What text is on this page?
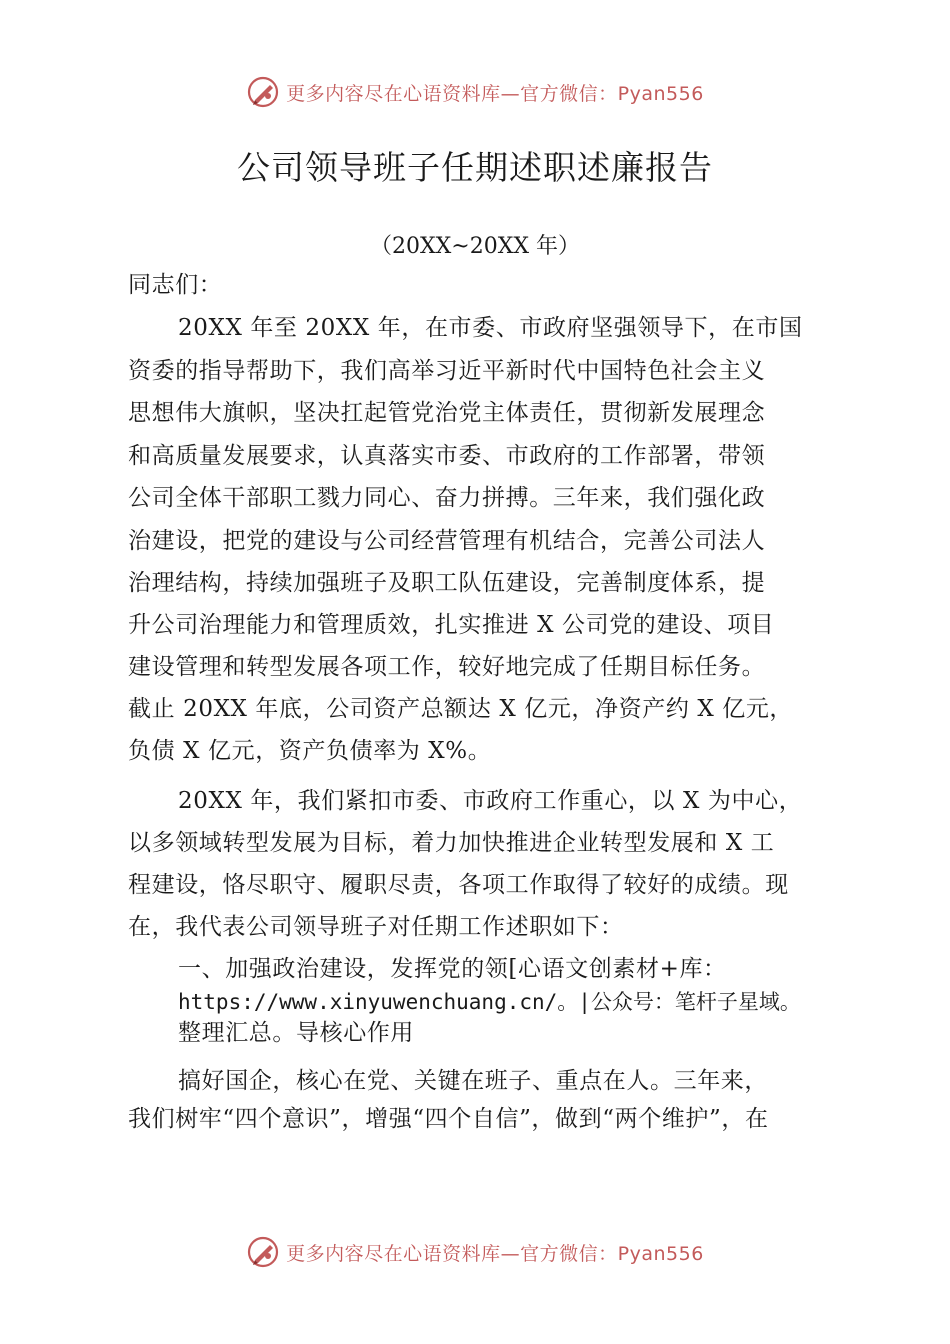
更多内容尽在心语资料库—官方微信：Pyan556
公司领导班子任期述职述廉报告
（20XX~20XX 年）
同志们：
20XX 年至 20XX 年，在市委、市政府坚强领导下，在市国
资委的指导帮助下，我们高举习近平新时代中国特色社会主义
思想伟大旗帜，坚决扛起管党治党主体责任，贯彻新发展理念
和高质量发展要求，认真落实市委、市政府的工作部署，带领
公司全体干部职工戮力同心、奋力拼搏。三年来，我们强化政
治建设，把党的建设与公司经营管理有机结合，完善公司法人
治理结构，持续加强班子及职工队伍建设，完善制度体系，提
升公司治理能力和管理质效，扎实推进 X 公司党的建设、项目
建设管理和转型发展各项工作，较好地完成了任期目标任务。
截止 20XX 年底，公司资产总额达 X 亿元，净资产约 X 亿元，
负债 X 亿元，资产负债率为 X%。
20XX 年，我们紧扣市委、市政府工作重心，以 X 为中心，
以多领域转型发展为目标，着力加快推进企业转型发展和 X 工
程建设，恪尽职守、履职尽责，各项工作取得了较好的成绩。现
在，我代表公司领导班子对任期工作述职如下：
一、加强政治建设，发挥党的领[心语文创素材+库：
https://www.xinyuwenchuang.cn/。|公众号：笔杆子星域。
整理汇总。导核心作用
搞好国企，核心在党、关键在班子、重点在人。三年来，
我们树牢“四个意识”，增强“四个自信”，做到“两个维护”，在
更多内容尽在心语资料库—官方微信：Pyan556
